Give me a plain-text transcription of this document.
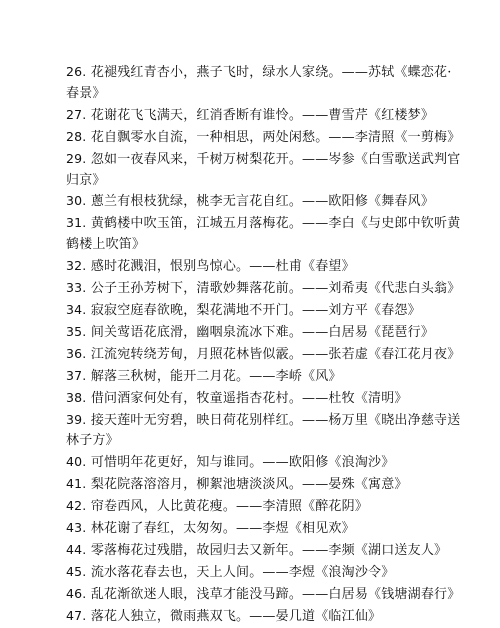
26. 花褪残红青杏小，燕子飞时，绿水人家绕。——苏轼《蝶恋花·春景》

27. 花谢花飞飞满天，红消香断有谁怜。——曹雪芹《红楼梦》

28. 花自飘零水自流，一种相思，两处闲愁。——李清照《一剪梅》

29. 忽如一夜春风来，千树万树梨花开。——岑参《白雪歌送武判官归京》

30. 蔥兰有根枝犹绿，桃李无言花自红。——欧阳修《舞春风》

31. 黄鹤楼中吹玉笛，江城五月落梅花。——李白《与史郎中钦听黄鹤楼上吹笛》

32. 感时花溅泪，恨别鸟惊心。——杜甫《春望》

33. 公子王孙芳树下，清歌妙舞落花前。——刘希夷《代悲白头翁》

34. 寂寂空庭春欲晚，梨花满地不开门。——刘方平《春怨》

35. 间关莺语花底滑，幽咽泉流冰下难。——白居易《琵琶行》

36. 江流宛转绕芳甸，月照花林皆似霰。——张若虚《春江花月夜》

37. 解落三秋树，能开二月花。——李峤《风》

38. 借问酒家何处有，牧童遥指杏花村。——杜牧《清明》

39. 接天莲叶无穷碧，映日荷花别样红。——杨万里《晓出净慈寺送林子方》

40. 可惜明年花更好，知与谁同。——欧阳修《浪淘沙》

41. 梨花院落溶溶月，柳絮池塘淡淡风。——晏殊《寓意》

42. 帘卷西风，人比黄花瘦。——李清照《醉花阴》

43. 林花谢了春红，太匆匆。——李煜《相见欢》

44. 零落梅花过残腊，故园归去又新年。——李频《湖口送友人》

45. 流水落花春去也，天上人间。——李煜《浪淘沙令》

46. 乱花渐欲迷人眼，浅草才能没马蹄。——白居易《钱塘湖春行》

47. 落花人独立，微雨燕双飞。——晏几道《临江仙》
